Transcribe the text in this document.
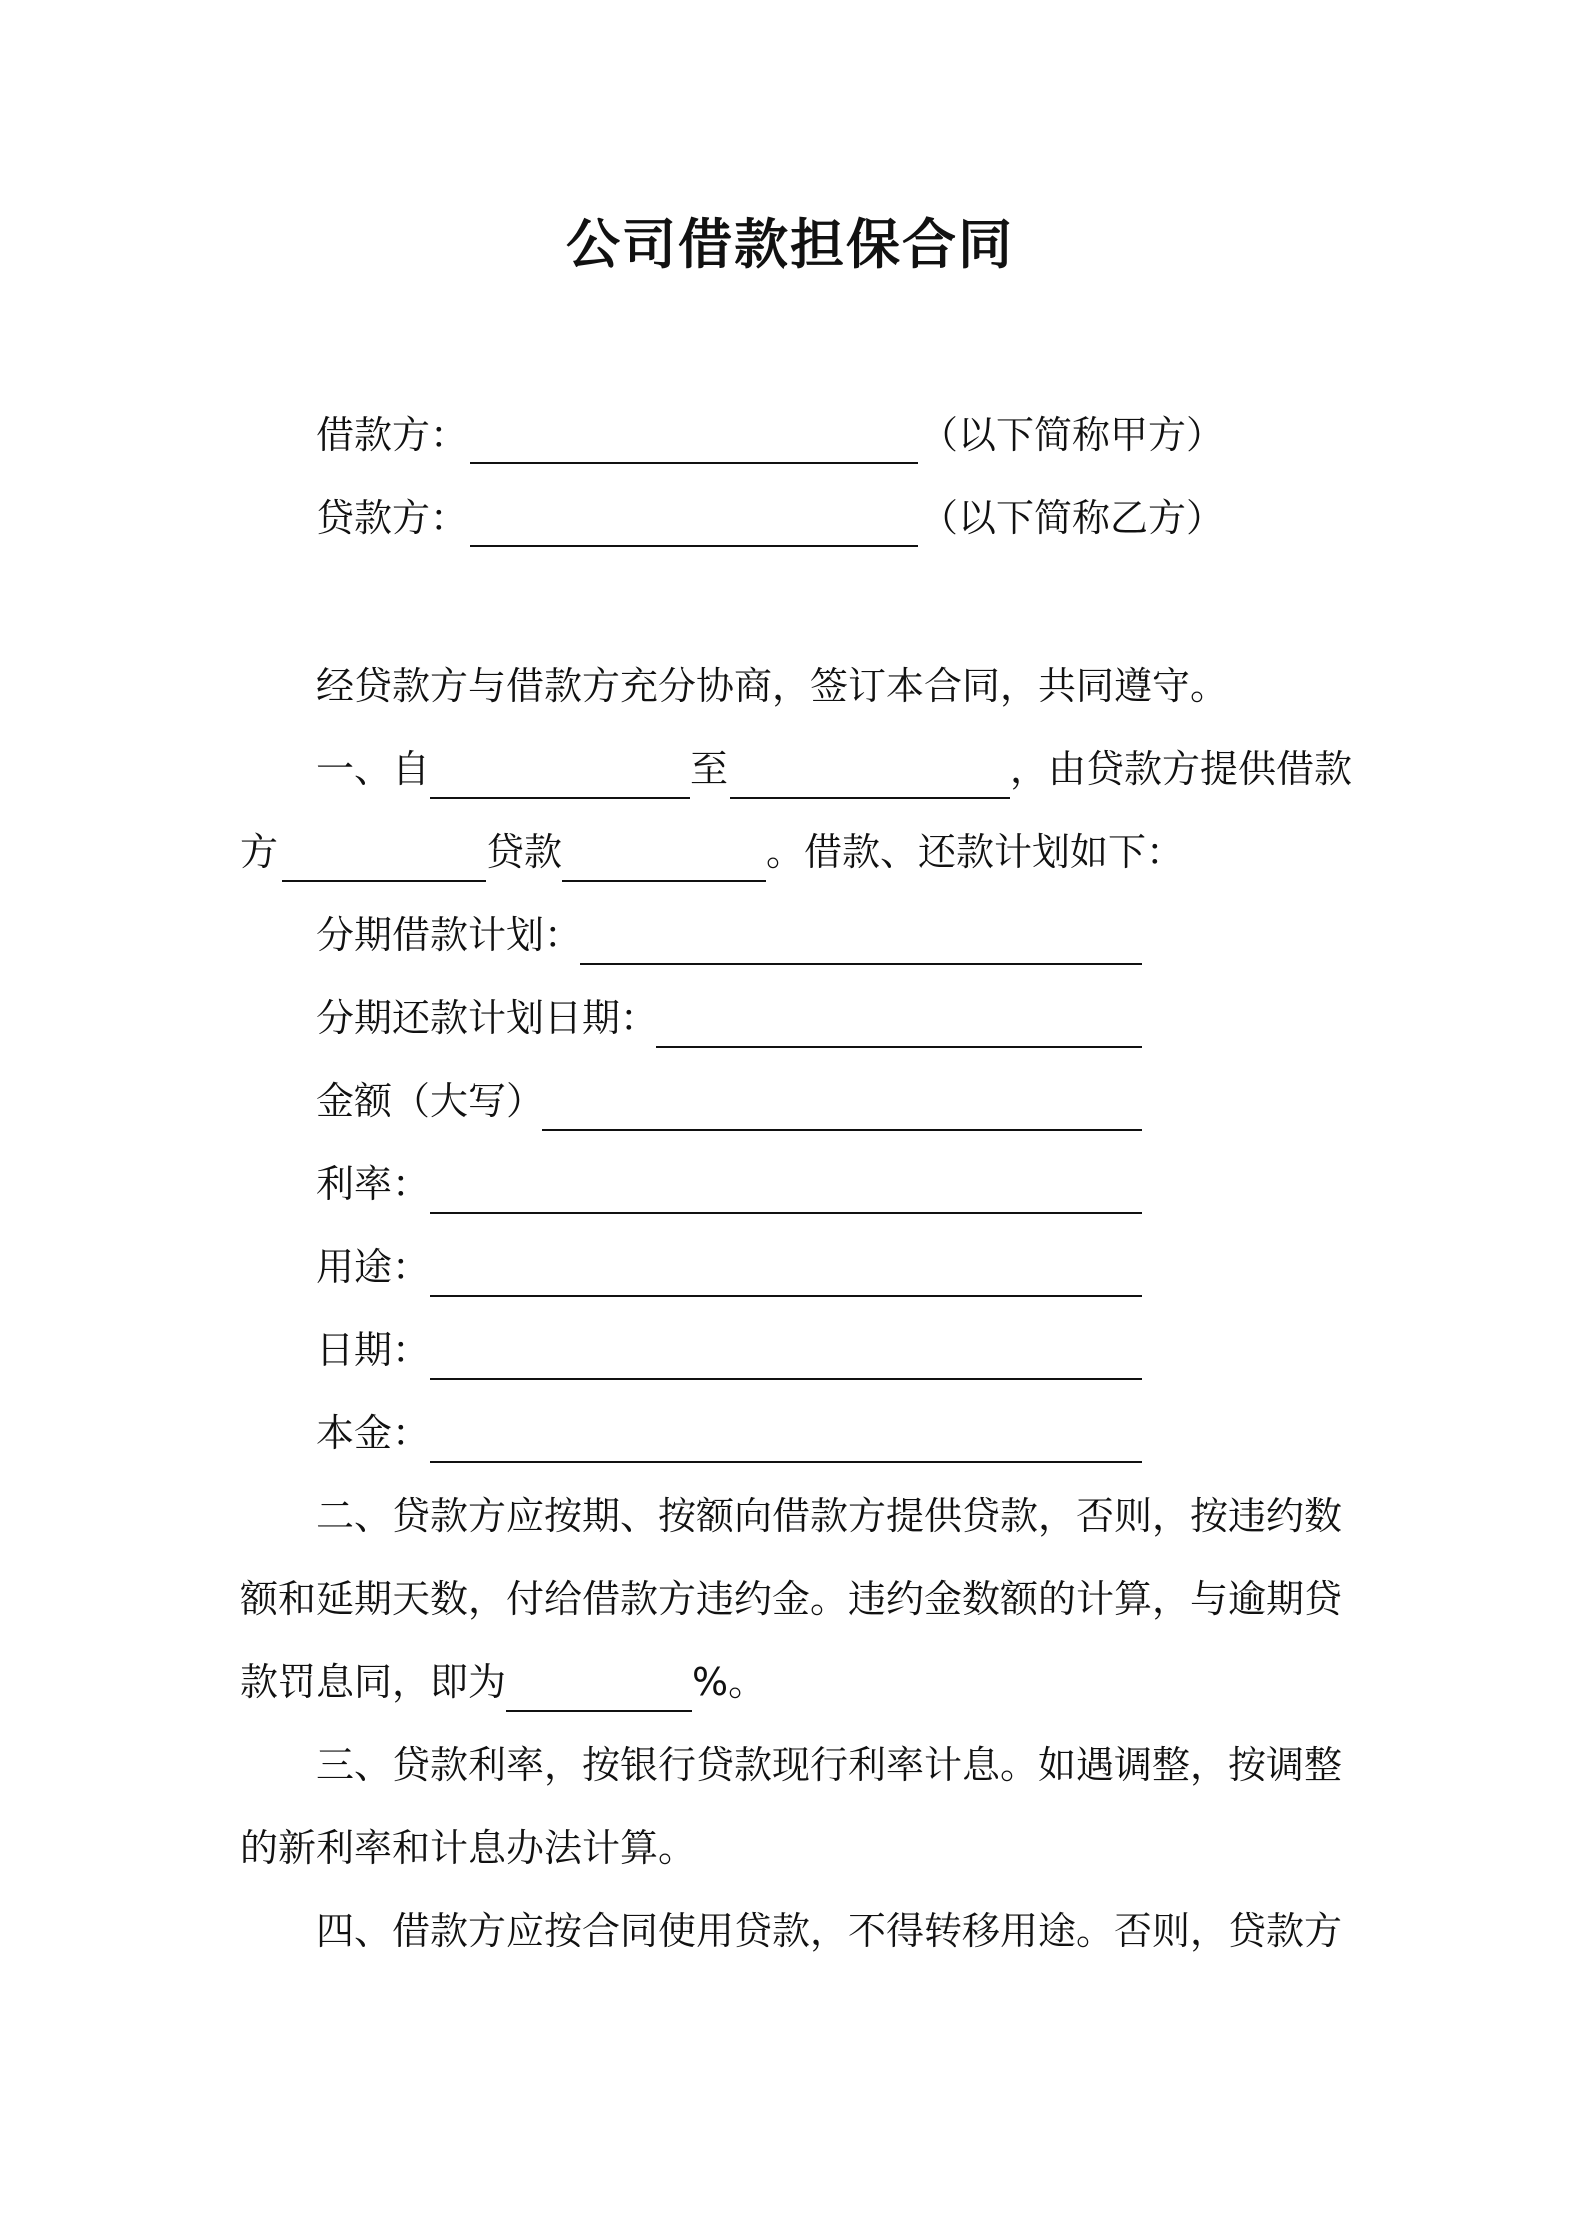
公司借款担保合同
借款方：	（以下简称甲方）
贷款方：	（以下简称乙方）
经贷款方与借款方充分协商，签订本合同，共同遵守。
一、自	至	，由贷款方提供借款
方	贷款	。借款、还款计划如下：
分期借款计划：
分期还款计划日期：
金额（大写）
利率：
用途：
日期：
本金：
二、贷款方应按期、按额向借款方提供贷款，否则，按违约数
额和延期天数，付给借款方违约金。违约金数额的计算，与逾期贷
款罚息同，即为	%。
三、贷款利率，按银行贷款现行利率计息。如遇调整，按调整
的新利率和计息办法计算。
四、借款方应按合同使用贷款，不得转移用途。否则，贷款方
